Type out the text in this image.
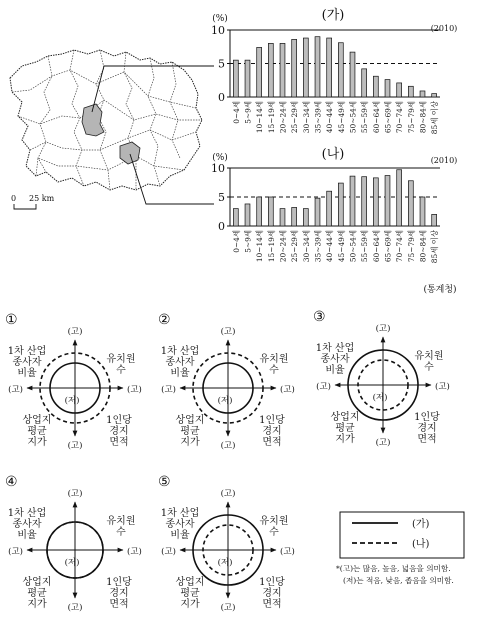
0 25 km
(가)
(2010)
(%)
0
5
10
0~4세 5~9세 10~14세 15~19세 20~24세 25~29세 30~34세 35~39세 40~44세 45~49세 50~54세 55~59세 60~64세 65~69세 70~74세 75~79세 80~84세 85세 이상
(나)	(2010)
(%)
0
5
10
0~4세 5~9세 10~14세 15~19세 20~24세 25~29세 30~34세 35~39세 40~44세 45~49세 50~54세 55~59세 60~64세 65~69세 70~74세 75~79세 80~84세 85세 이상
(통계청)
①
(고)
(고)
(고)	(고)
(저)
1차 산업
종사자
비율
유치원
수
상업지
평균
지가
1인당
경지
면적
②
(고)
(고)
(고)	(고)
(저)
1차 산업
종사자
비율
유치원
수
상업지
평균
지가
1인당
경지
면적
③
(고)
(고)
(고)	(고)
(저)
1차 산업
종사자
비율
유치원
수
상업지
평균
지가
1인당
경지
면적
④
(고)
(고)
(고)	(고)
(저)
1차 산업
종사자
비율
유치원
수
상업지
평균
지가
1인당
경지
면적
⑤
(고)
(고)
(고)	(고)
(저)
1차 산업
종사자
비율
유치원
수
상업지
평균
지가
1인당
경지
면적
(가)
(나)
*(고)는 많음, 높음, 넓음을 의미함.
(저)는 적음, 낮음, 좁음을 의미함.
